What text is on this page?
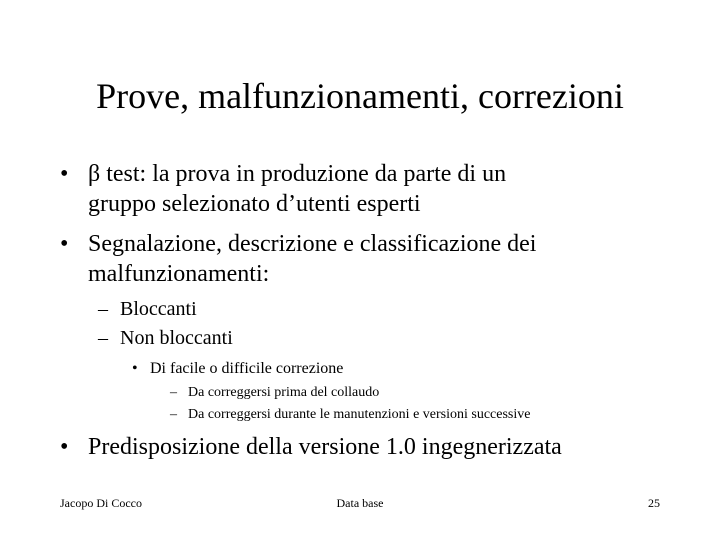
Prove, malfunzionamenti, correzioni
• β test: la prova in produzione da parte di un
gruppo selezionato d’utenti esperti
• Segnalazione, descrizione e classificazione dei
malfunzionamenti:
– Bloccanti
– Non bloccanti
• Di facile o difficile correzione
– Da correggersi prima del collaudo
– Da correggersi durante le manutenzioni e versioni successive
• Predisposizione della versione 1.0 ingegnerizzata
Jacopo Di Cocco	Data base	25
